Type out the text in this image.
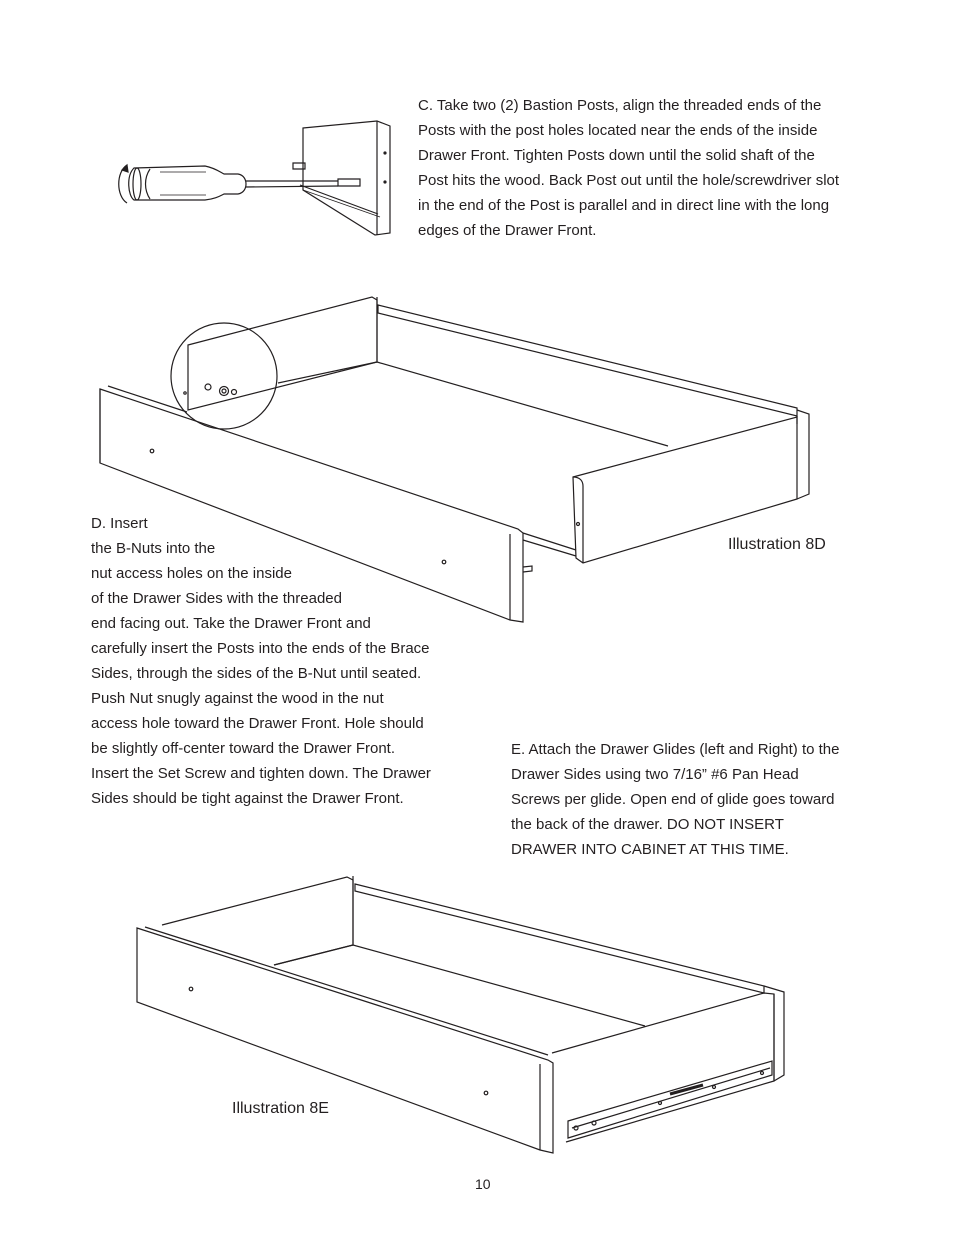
C. Take two (2) Bastion Posts, align the threaded ends of the
Posts with the post holes located near the ends of the inside
Drawer Front. Tighten Posts down until the solid shaft of the
Post hits the wood. Back Post out until the hole/screwdriver slot
in the end of the Post is parallel and in direct line with the long
edges of the Drawer Front.
Illustration 8D
D. Insert
the B-Nuts into the
nut access holes on the inside
of the Drawer Sides with the threaded
end facing out. Take the Drawer Front and
carefully insert the Posts into the ends of the Brace
Sides, through the sides of the B-Nut until seated.
Push Nut snugly against the wood in the nut
access hole toward the Drawer Front. Hole should
be slightly off-center toward the Drawer Front.
Insert the Set Screw and tighten down. The Drawer
Sides should be tight against the Drawer Front.
E. Attach the Drawer Glides (left and Right) to the
Drawer Sides using two 7/16” #6 Pan Head
Screws per glide. Open end of glide goes toward
the back of the drawer. DO NOT INSERT
DRAWER INTO CABINET AT THIS TIME.
Illustration 8E
10
